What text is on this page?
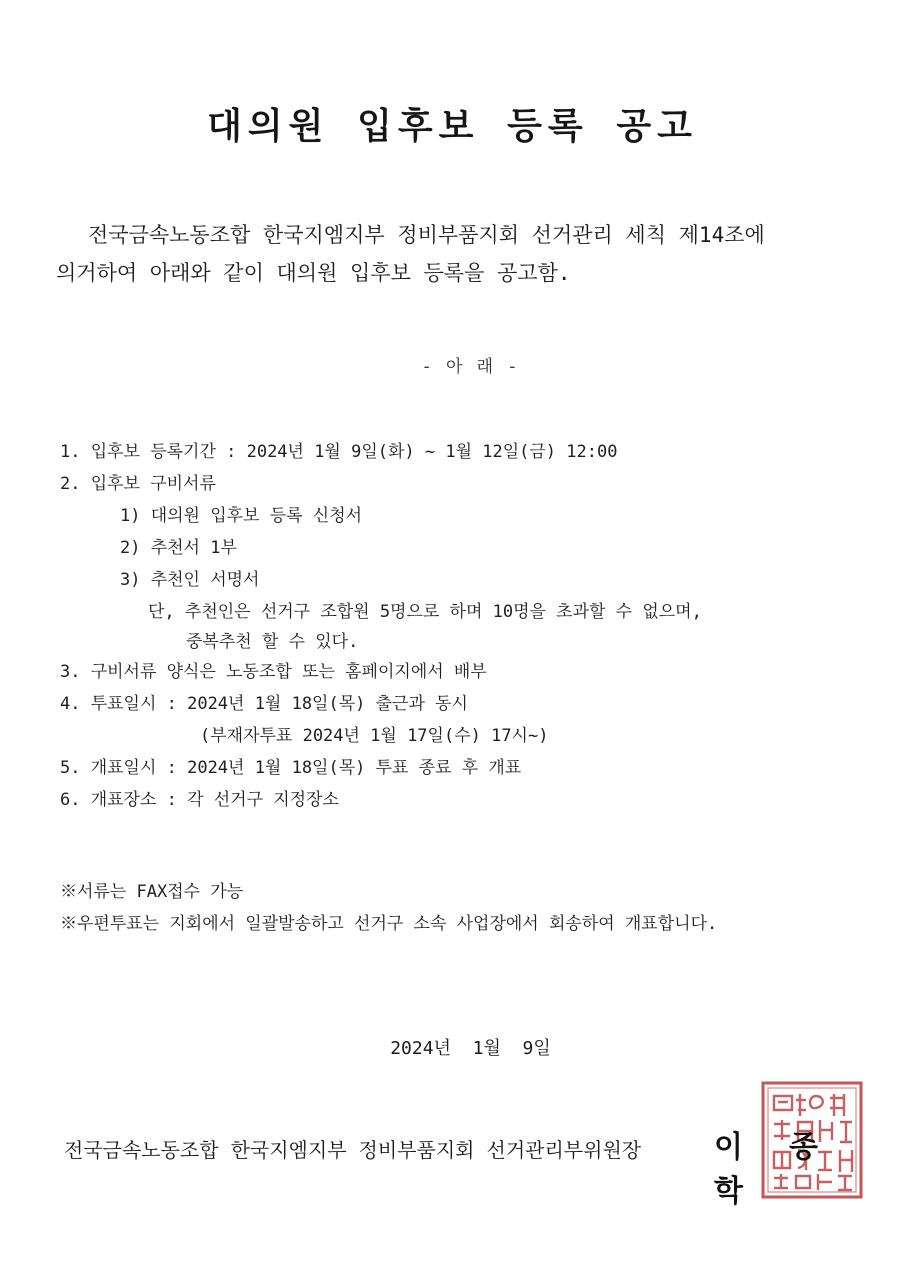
대의원 입후보 등록 공고
전국금속노동조합 한국지엠지부 정비부품지회 선거관리 세칙 제14조에
의거하여 아래와 같이 대의원 입후보 등록을 공고함.
- 아 래 -
1. 입후보 등록기간 : 2024년 1월 9일(화) ~ 1월 12일(금) 12:00
2. 입후보 구비서류
1) 대의원 입후보 등록 신청서
2) 추천서 1부
3) 추천인 서명서
단, 추천인은 선거구 조합원 5명으로 하며 10명을 초과할 수 없으며,
중복추천 할 수 있다.
3. 구비서류 양식은 노동조합 또는 홈페이지에서 배부
4. 투표일시 : 2024년 1월 18일(목) 출근과 동시
(부재자투표 2024년 1월 17일(수) 17시~)
5. 개표일시 : 2024년 1월 18일(목) 투표 종료 후 개표
6. 개표장소 : 각 선거구 지정장소
※서류는 FAX접수 가능
※우편투표는 지회에서 일괄발송하고 선거구 소속 사업장에서 회송하여 개표합니다.
2024년  1월  9일
전국금속노동조합 한국지엠지부 정비부품지회 선거관리부위원장 이 종 학
